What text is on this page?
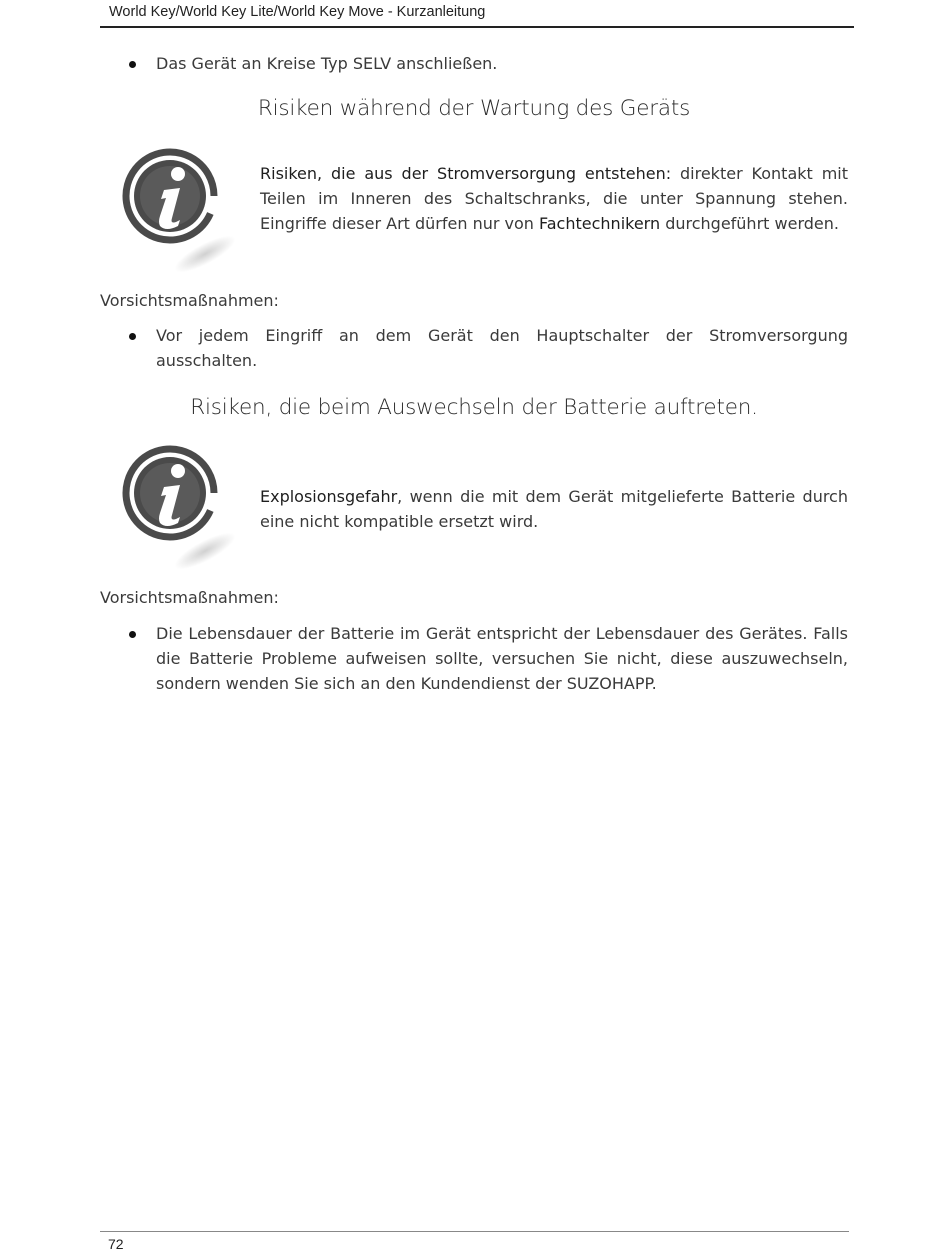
World Key/World Key Lite/World Key Move - Kurzanleitung
Das Gerät an Kreise Typ SELV anschließen.
Risiken während der Wartung des Geräts
Risiken, die aus der Stromversorgung entstehen: direkter Kontakt mit Teilen im Inneren des Schaltschranks, die unter Spannung stehen. Eingriffe dieser Art dürfen nur von Fachtechnikern durchgeführt werden.
Vorsichtsmaßnahmen:
Vor jedem Eingriff an dem Gerät den Hauptschalter der Stromversorgung ausschalten.
Risiken, die beim Auswechseln der Batterie auftreten.
Explosionsgefahr, wenn die mit dem Gerät mitgelieferte Batterie durch eine nicht kompatible ersetzt wird.
Vorsichtsmaßnahmen:
Die Lebensdauer der Batterie im Gerät entspricht der Lebensdauer des Gerätes. Falls die Batterie Probleme aufweisen sollte, versuchen Sie nicht, diese auszuwechseln, sondern wenden Sie sich an den Kundendienst der SUZOHAPP.
72
